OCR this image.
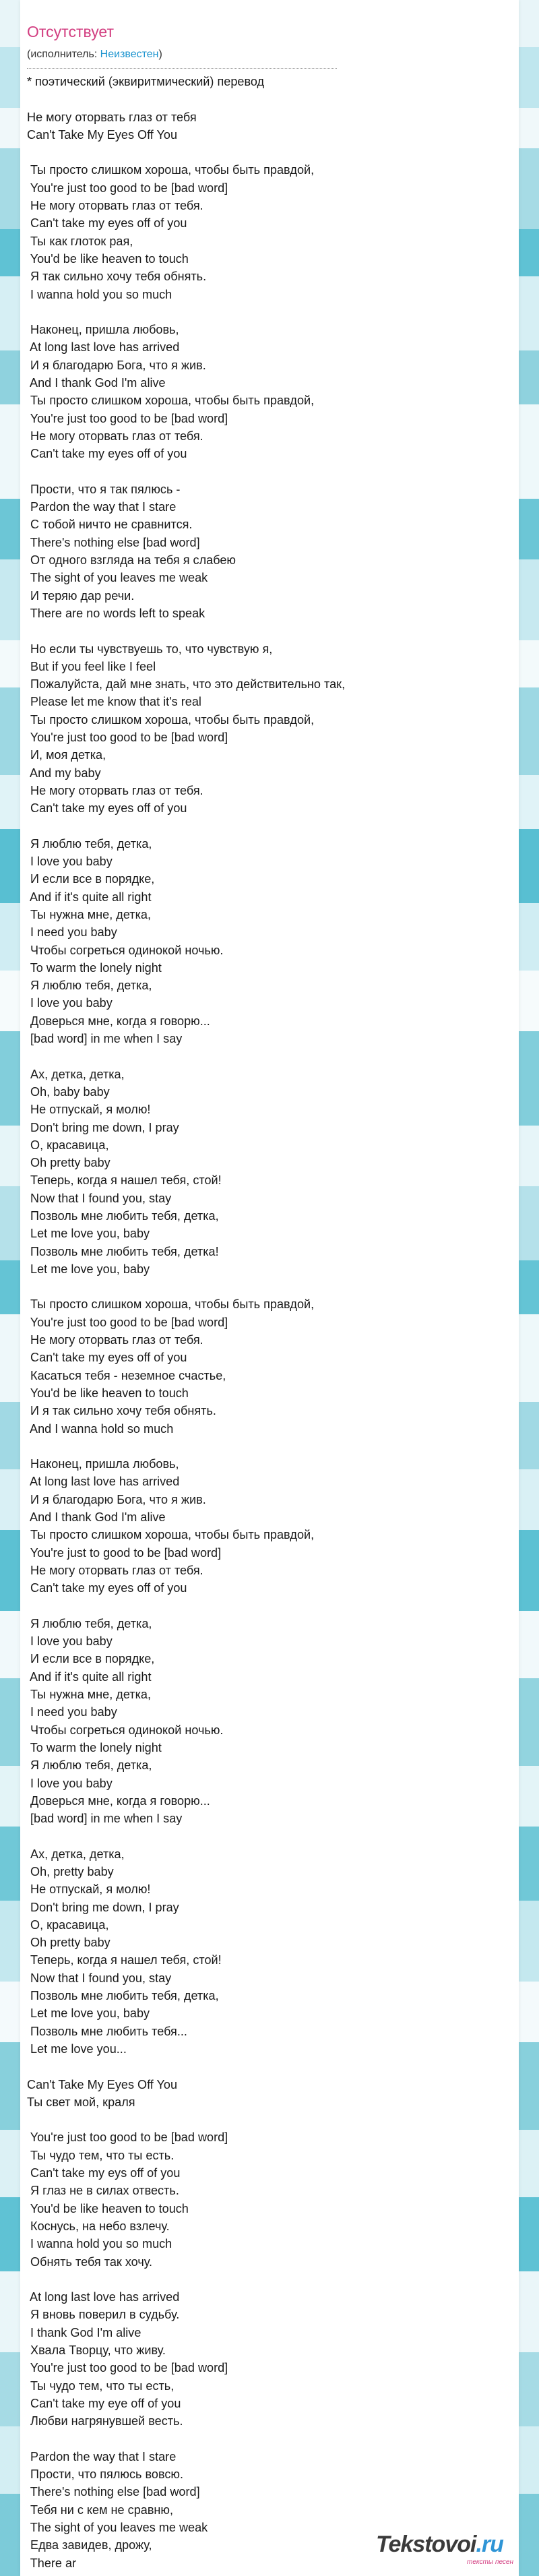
Отсутствует
(исполнитель: Неизвестен)
* поэтический (эквиритмический) перевод
Не могу оторвать глаз от тебя
Can't Take My Eyes Off You
Ты просто слишком хороша, чтобы быть правдой,
You're just too good to be [bad word]
Не могу оторвать глаз от тебя.
Can't take my eyes off of you
Ты как глоток рая,
You'd be like heaven to touch
Я так сильно хочу тебя обнять.
I wanna hold you so much
Наконец, пришла любовь,
At long last love has arrived
И я благодарю Бога, что я жив.
And I thank God I'm alive
Ты просто слишком хороша, чтобы быть правдой,
You're just too good to be [bad word]
Не могу оторвать глаз от тебя.
Can't take my eyes off of you
Прости, что я так пялюсь -
Pardon the way that I stare
С тобой ничто не сравнится.
There's nothing else [bad word]
От одного взгляда на тебя я слабею
The sight of you leaves me weak
И теряю дар речи.
There are no words left to speak
Но если ты чувствуешь то, что чувствую я,
But if you feel like I feel
Пожалуйста, дай мне знать, что это действительно так,
Please let me know that it's real
Ты просто слишком хороша, чтобы быть правдой,
You're just too good to be [bad word]
И, моя детка,
And my baby
Не могу оторвать глаз от тебя.
Can't take my eyes off of you
Я люблю тебя, детка,
I love you baby
И если все в порядке,
And if it's quite all right
Ты нужна мне, детка,
I need you baby
Чтобы согреться одинокой ночью.
To warm the lonely night
Я люблю тебя, детка,
I love you baby
Доверься мне, когда я говорю...
[bad word] in me when I say
Ах, детка, детка,
Oh, baby baby
Не отпускай, я молю!
Don't bring me down, I pray
О, красавица,
Oh pretty baby
Теперь, когда я нашел тебя, стой!
Now that I found you, stay
Позволь мне любить тебя, детка,
Let me love you, baby
Позволь мне любить тебя, детка!
Let me love you, baby
Ты просто слишком хороша, чтобы быть правдой,
You're just too good to be [bad word]
Не могу оторвать глаз от тебя.
Can't take my eyes off of you
Касаться тебя - неземное счастье,
You'd be like heaven to touch
И я так сильно хочу тебя обнять.
And I wanna hold so much
Наконец, пришла любовь,
At long last love has arrived
И я благодарю Бога, что я жив.
And I thank God I'm alive
Ты просто слишком хороша, чтобы быть правдой,
You're just to good to be [bad word]
Не могу оторвать глаз от тебя.
Can't take my eyes off of you
Я люблю тебя, детка,
I love you baby
И если все в порядке,
And if it's quite all right
Ты нужна мне, детка,
I need you baby
Чтобы согреться одинокой ночью.
To warm the lonely night
Я люблю тебя, детка,
I love you baby
Доверься мне, когда я говорю...
[bad word] in me when I say
Ах, детка, детка,
Oh, pretty baby
Не отпускай, я молю!
Don't bring me down, I pray
О, красавица,
Oh pretty baby
Теперь, когда я нашел тебя, стой!
Now that I found you, stay
Позволь мне любить тебя, детка,
Let me love you, baby
Позволь мне любить тебя...
Let me love you...
Can't Take My Eyes Off You
Ты свет мой, краля
You're just too good to be [bad word]
Ты чудо тем, что ты есть.
Can't take my eys off of you
Я глаз не в силах отвесть.
You'd be like heaven to touch
Коснусь, на небо взлечу.
I wanna hold you so much
Обнять тебя так хочу.
At long last love has arrived
Я вновь поверил в судьбу.
I thank God I'm alive
Хвала Творцу, что живу.
You're just too good to be [bad word]
Ты чудо тем, что ты есть,
Can't take my eye off of you
Любви нагрянувшей весть.
Pardon the way that I stare
Прости, что пялюсь вовсю.
There's nothing else [bad word]
Тебя ни с кем не сравню,
The sight of you leaves me weak
Едва завидев, дрожу,
There ar
Tekstovoi.ru
тексты песен
